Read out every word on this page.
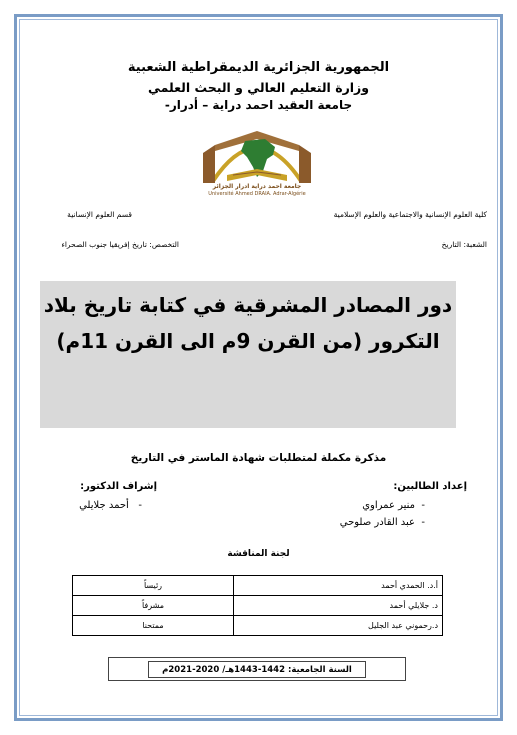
الجمهورية الجزائرية الديمقراطية الشعبية
وزارة التعليم العالي و البحث العلمي
جامعة العقيد احمد دراية – أدرار-
جامعة احمد دراية ادرار الجزائر
Université Ahmed DRAIA. Adrar-Algérie
كلية العلوم الإنسانية والاجتماعية والعلوم الإسلامية
قسم العلوم الإنسانية
الشعبة: التاريخ
التخصص: تاريخ إفريقيا جنوب الصحراء
دور المصادر المشرقية في كتابة تاريخ بلاد التكرور (من القرن 9م الى القرن 11م)
مذكرة مكملة لمتطلبات شهادة الماستر في التاريخ
إعداد الطالبين:
-  منير عمراوي
-  عبد القادر صلوحي
إشراف الدكتور:
-   أحمد جلايلي
لجنة المناقشة
رئيساً	أ.د. الحمدي أحمد
مشرفاً	د. جلايلي أحمد
ممتحنا	د.رحموني عبد الجليل
السنة الجامعية: 1442-1443هـ/ 2020-2021م
